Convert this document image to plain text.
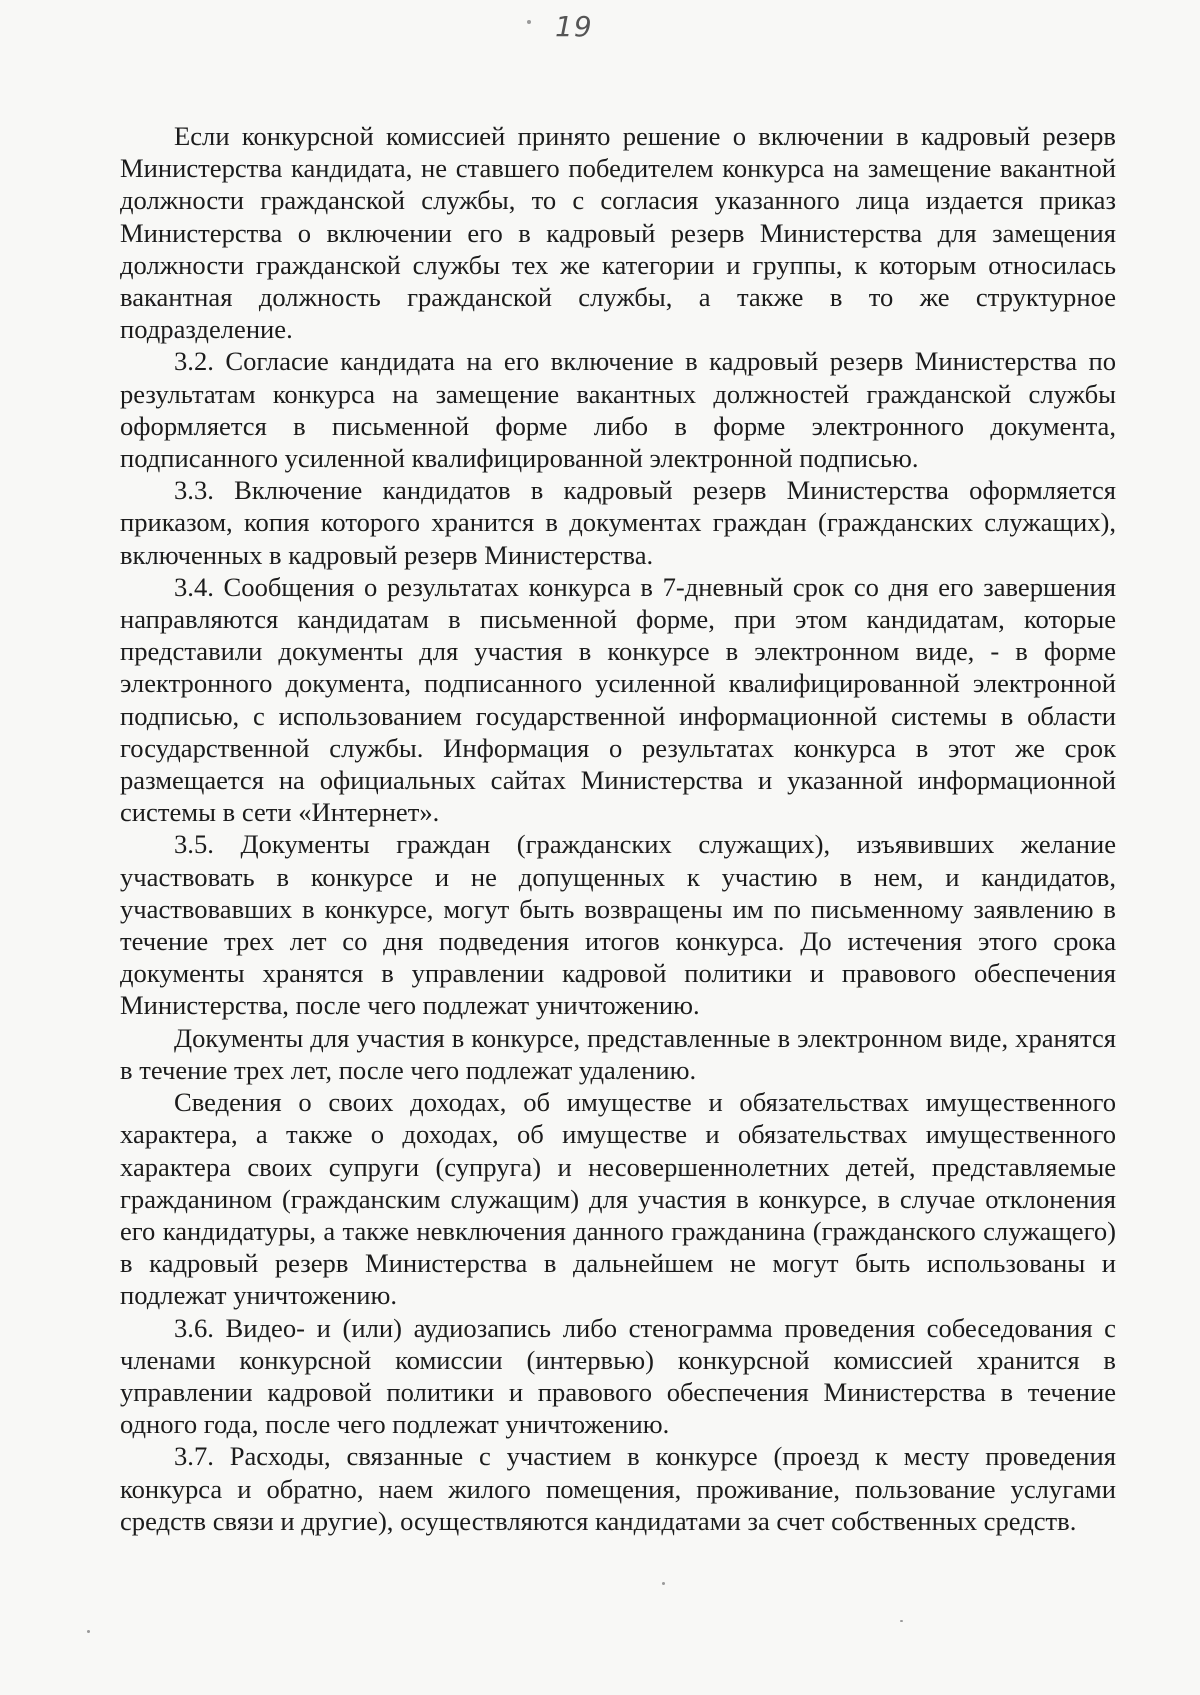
19

Если конкурсной комиссией принято решение о включении в кадровый резерв Министерства кандидата, не ставшего победителем конкурса на замещение вакантной должности гражданской службы, то с согласия указанного лица издается приказ Министерства о включении его в кадровый резерв Министерства для замещения должности гражданской службы тех же категории и группы, к которым относилась вакантная должность гражданской службы, а также в то же структурное подразделение.

3.2. Согласие кандидата на его включение в кадровый резерв Министерства по результатам конкурса на замещение вакантных должностей гражданской службы оформляется в письменной форме либо в форме электронного документа, подписанного усиленной квалифицированной электронной подписью.

3.3. Включение кандидатов в кадровый резерв Министерства оформляется приказом, копия которого хранится в документах граждан (гражданских служащих), включенных в кадровый резерв Министерства.

3.4. Сообщения о результатах конкурса в 7-дневный срок со дня его завершения направляются кандидатам в письменной форме, при этом кандидатам, которые представили документы для участия в конкурсе в электронном виде, - в форме электронного документа, подписанного усиленной квалифицированной электронной подписью, с использованием государственной информационной системы в области государственной службы. Информация о результатах конкурса в этот же срок размещается на официальных сайтах Министерства и указанной информационной системы в сети «Интернет».

3.5. Документы граждан (гражданских служащих), изъявивших желание участвовать в конкурсе и не допущенных к участию в нем, и кандидатов, участвовавших в конкурсе, могут быть возвращены им по письменному заявлению в течение трех лет со дня подведения итогов конкурса. До истечения этого срока документы хранятся в управлении кадровой политики и правового обеспечения Министерства, после чего подлежат уничтожению.

Документы для участия в конкурсе, представленные в электронном виде, хранятся в течение трех лет, после чего подлежат удалению.

Сведения о своих доходах, об имуществе и обязательствах имущественного характера, а также о доходах, об имуществе и обязательствах имущественного характера своих супруги (супруга) и несовершеннолетних детей, представляемые гражданином (гражданским служащим) для участия в конкурсе, в случае отклонения его кандидатуры, а также невключения данного гражданина (гражданского служащего) в кадровый резерв Министерства в дальнейшем не могут быть использованы и подлежат уничтожению.

3.6. Видео- и (или) аудиозапись либо стенограмма проведения собеседования с членами конкурсной комиссии (интервью) конкурсной комиссией хранится в управлении кадровой политики и правового обеспечения Министерства в течение одного года, после чего подлежат уничтожению.

3.7. Расходы, связанные с участием в конкурсе (проезд к месту проведения конкурса и обратно, наем жилого помещения, проживание, пользование услугами средств связи и другие), осуществляются кандидатами за счет собственных средств.
